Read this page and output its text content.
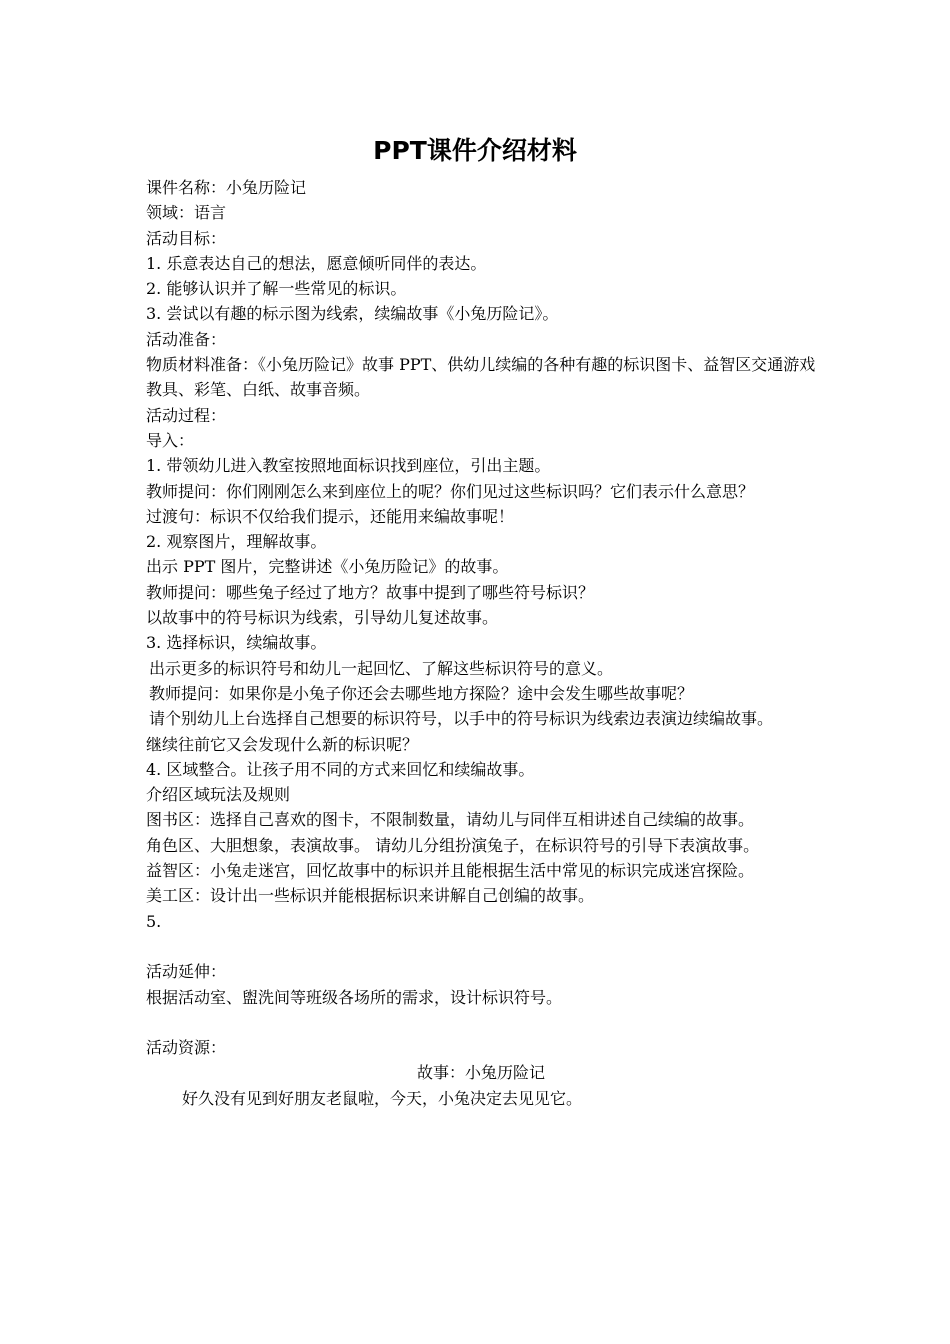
PPT课件介绍材料

课件名称：小兔历险记

领域：语言

活动目标：

1. 乐意表达自己的想法，愿意倾听同伴的表达。

2. 能够认识并了解一些常见的标识。

3. 尝试以有趣的标示图为线索，续编故事《小兔历险记》。

活动准备：

物质材料准备：《小兔历险记》故事 PPT、供幼儿续编的各种有趣的标识图卡、益智区交通游戏教具、彩笔、白纸、故事音频。

活动过程：

导入：

1. 带领幼儿进入教室按照地面标识找到座位，引出主题。

教师提问：你们刚刚怎么来到座位上的呢？你们见过这些标识吗？它们表示什么意思？

过渡句：标识不仅给我们提示，还能用来编故事呢！

2. 观察图片，理解故事。

出示 PPT 图片，完整讲述《小兔历险记》的故事。

教师提问：哪些兔子经过了地方？故事中提到了哪些符号标识？

以故事中的符号标识为线索，引导幼儿复述故事。

3. 选择标识，续编故事。

出示更多的标识符号和幼儿一起回忆、了解这些标识符号的意义。

教师提问：如果你是小兔子你还会去哪些地方探险？途中会发生哪些故事呢？

请个别幼儿上台选择自己想要的标识符号，以手中的符号标识为线索边表演边续编故事。

继续往前它又会发现什么新的标识呢？

4. 区域整合。让孩子用不同的方式来回忆和续编故事。

介绍区域玩法及规则

图书区：选择自己喜欢的图卡，不限制数量，请幼儿与同伴互相讲述自己续编的故事。

角色区、大胆想象，表演故事。 请幼儿分组扮演兔子，在标识符号的引导下表演故事。

益智区：小兔走迷宫，回忆故事中的标识并且能根据生活中常见的标识完成迷宫探险。

美工区：设计出一些标识并能根据标识来讲解自己创编的故事。

5.

活动延伸：

根据活动室、盥洗间等班级各场所的需求，设计标识符号。

活动资源：

故事：小兔历险记

好久没有见到好朋友老鼠啦，今天，小兔决定去见见它。
